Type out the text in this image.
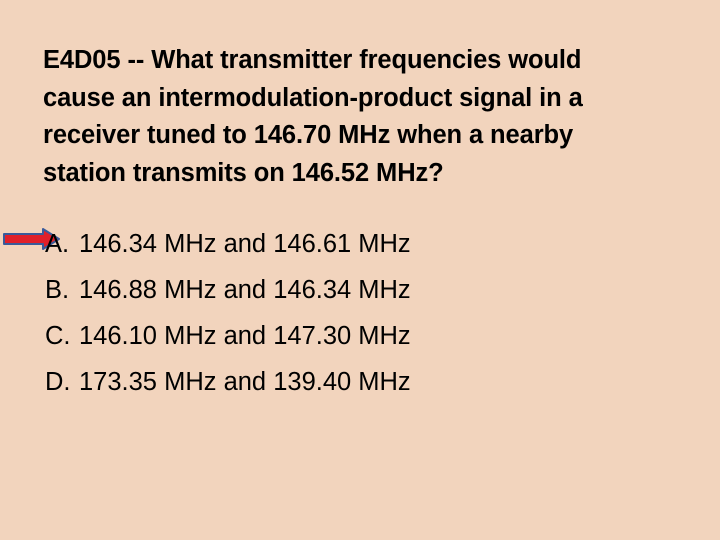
E4D05 -- What transmitter frequencies would
cause an intermodulation-product signal in a
receiver tuned to 146.70 MHz when a nearby
station transmits on 146.52 MHz?
A. 146.34 MHz and 146.61 MHz
B. 146.88 MHz and 146.34 MHz
C. 146.10 MHz and 147.30 MHz
D. 173.35 MHz and 139.40 MHz
